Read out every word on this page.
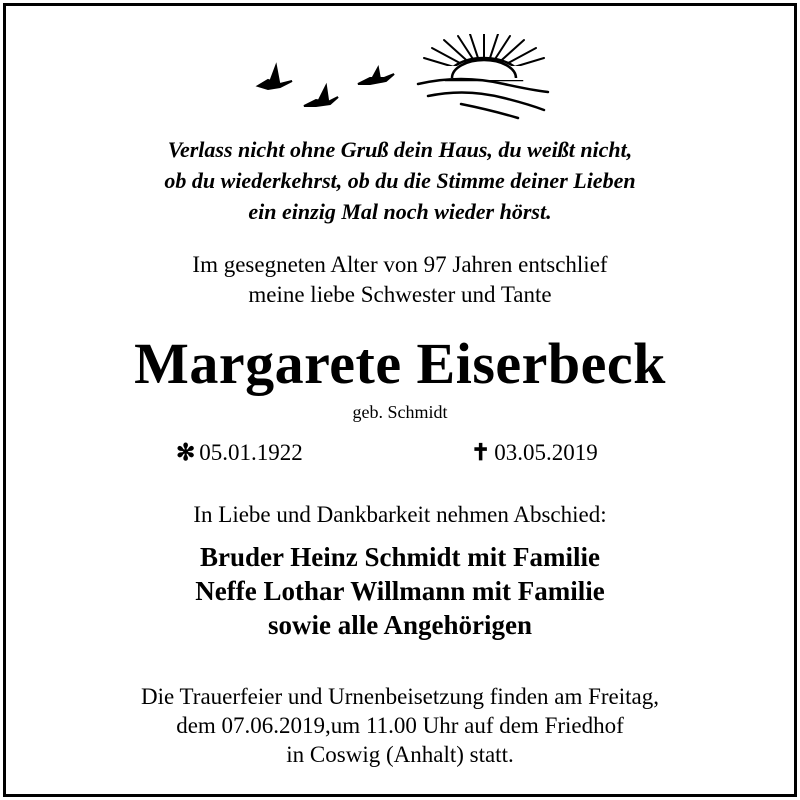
Verlass nicht ohne Gruß dein Haus, du weißt nicht,
ob du wiederkehrst, ob du die Stimme deiner Lieben
ein einzig Mal noch wieder hörst.
Im gesegneten Alter von 97 Jahren entschlief
meine liebe Schwester und Tante
Margarete Eiserbeck
geb. Schmidt
✻ 05.01.1922	✝ 03.05.2019
In Liebe und Dankbarkeit nehmen Abschied:
Bruder Heinz Schmidt mit Familie
Neffe Lothar Willmann mit Familie
sowie alle Angehörigen
Die Trauerfeier und Urnenbeisetzung finden am Freitag,
dem 07.06.2019,um 11.00 Uhr auf dem Friedhof
in Coswig (Anhalt) statt.
